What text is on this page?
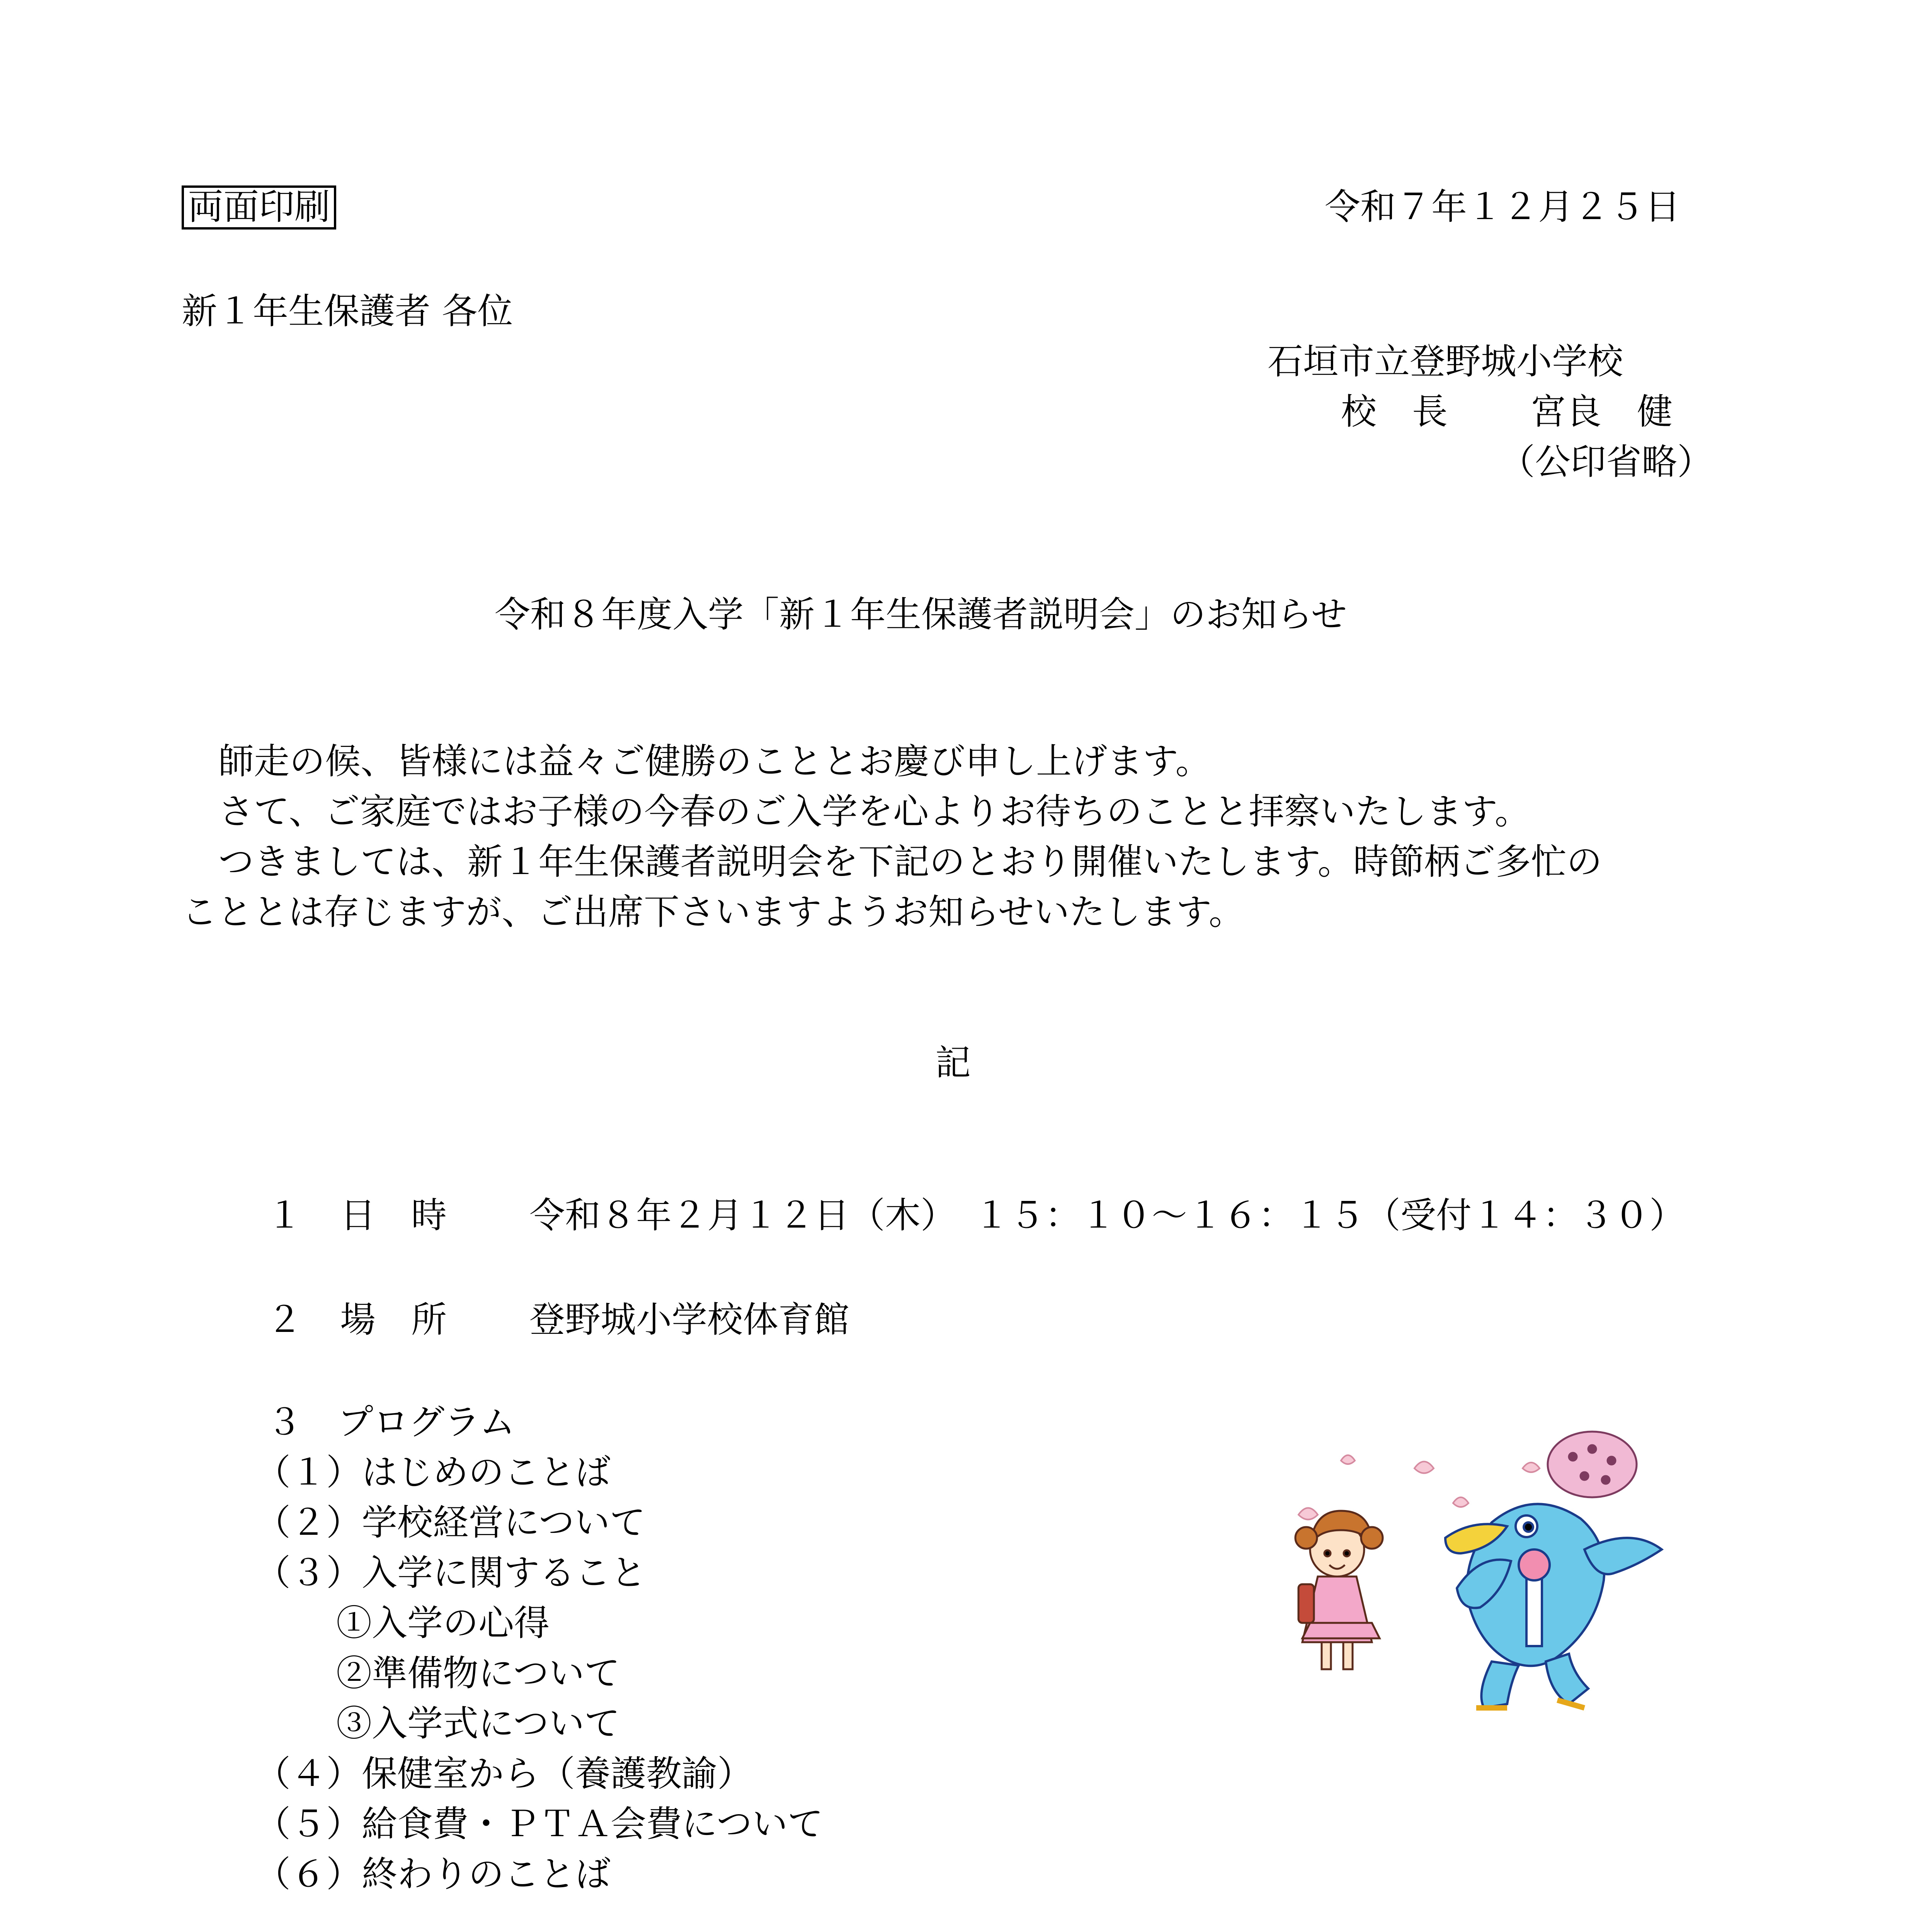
両面印刷	令和７年１２月２５日
新１年生保護者 各位
石垣市立登野城小学校
校　長 宮良　健
（公印省略）
令和８年度入学「新１年生保護者説明会」のお知らせ
師走の候、皆様には益々ご健勝のこととお慶び申し上げます。
さて、ご家庭ではお子様の今春のご入学を心よりお待ちのことと拝察いたします。
つきましては、新１年生保護者説明会を下記のとおり開催いたします。時節柄ご多忙の
こととは存じますが、ご出席下さいますようお知らせいたします。
記
１ 日　時 令和８年２月１２日（木）　１５：１０～１６：１５（受付１４：３０）
２ 場　所 登野城小学校体育館
３　プログラム
（１）はじめのことば
（２）学校経営について
（３）入学に関すること
①入学の心得
②準備物について
③入学式について
（４）保健室から（養護教諭）
（５）給食費・ＰＴＡ会費について
（６）終わりのことば
